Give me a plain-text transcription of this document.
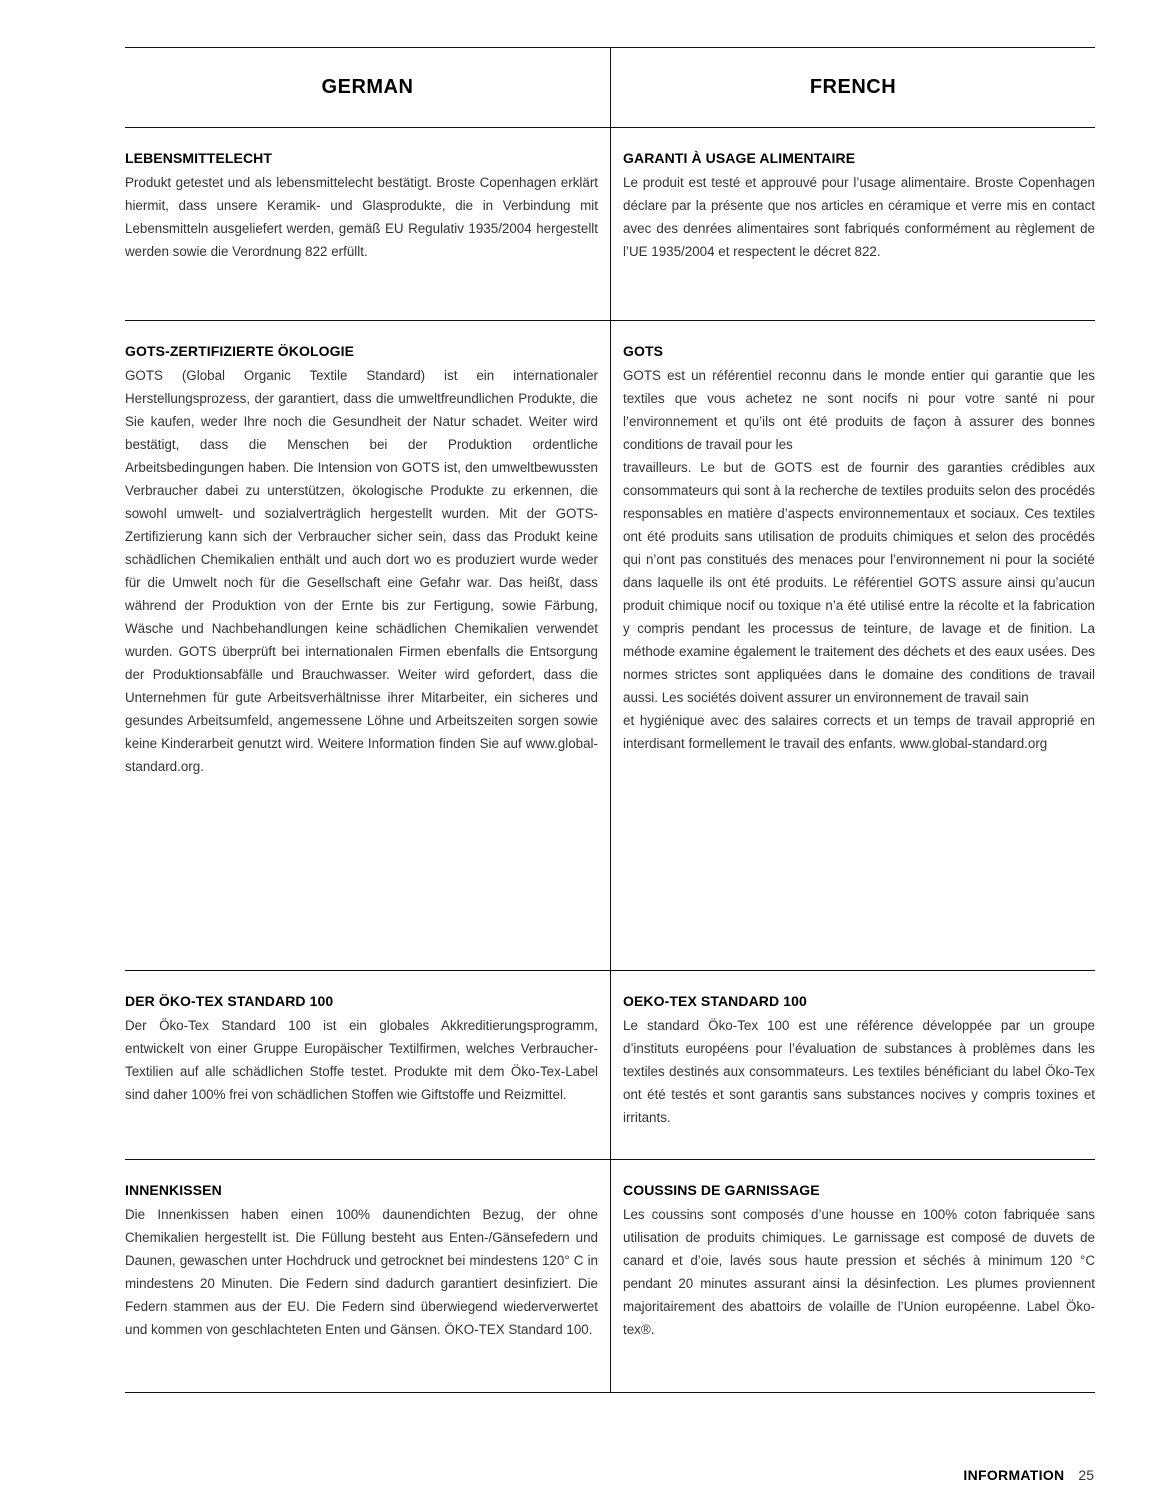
GERMAN	FRENCH
LEBENSMITTELECHT
Produkt getestet und als lebensmittelecht bestätigt. Broste Copenhagen erklärt hiermit, dass unsere Keramik- und Glasprodukte, die in Verbindung mit Lebensmitteln ausgeliefert werden, gemäß EU Regulativ 1935/2004 hergestellt werden sowie die Verordnung 822 erfüllt.
GARANTI À USAGE ALIMENTAIRE
Le produit est testé et approuvé pour l’usage alimentaire. Broste Copenhagen déclare par la présente que nos articles en céramique et verre mis en contact avec des denrées alimentaires sont fabriqués conformément au règlement de l’UE 1935/2004 et respectent le décret 822.
GOTS-ZERTIFIZIERTE ÖKOLOGIE
GOTS (Global Organic Textile Standard) ist ein internationaler Herstellungsprozess, der garantiert, dass die umweltfreundlichen Produkte, die Sie kaufen, weder Ihre noch die Gesundheit der Natur schadet. Weiter wird bestätigt, dass die Menschen bei der Produktion ordentliche Arbeitsbedingungen haben. Die Intension von GOTS ist, den umweltbewussten Verbraucher dabei zu unterstützen, ökologische Produkte zu erkennen, die sowohl umwelt- und sozialverträglich hergestellt wurden. Mit der GOTS-Zertifizierung kann sich der Verbraucher sicher sein, dass das Produkt keine schädlichen Chemikalien enthält und auch dort wo es produziert wurde weder für die Umwelt noch für die Gesellschaft eine Gefahr war. Das heißt, dass während der Produktion von der Ernte bis zur Fertigung, sowie Färbung, Wäsche und Nachbehandlungen keine schädlichen Chemikalien verwendet wurden. GOTS überprüft bei internationalen Firmen ebenfalls die Entsorgung der Produktionsabfälle und Brauchwasser. Weiter wird gefordert, dass die Unternehmen für gute Arbeitsverhältnisse ihrer Mitarbeiter, ein sicheres und gesundes Arbeitsumfeld, angemessene Löhne und Arbeitszeiten sorgen sowie keine Kinderarbeit genutzt wird. Weitere Information finden Sie auf www.global-standard.org.
GOTS
GOTS est un référentiel reconnu dans le monde entier qui garantie que les textiles que vous achetez ne sont nocifs ni pour votre santé ni pour l’environnement et qu’ils ont été produits de façon à assurer des bonnes conditions de travail pour les
travailleurs. Le but de GOTS est de fournir des garanties crédibles aux consommateurs qui sont à la recherche de textiles produits selon des procédés responsables en matière d’aspects environnementaux et sociaux. Ces textiles ont été produits sans utilisation de produits chimiques et selon des procédés qui n’ont pas constitués des menaces pour l’environnement ni pour la société dans laquelle ils ont été produits. Le référentiel GOTS assure ainsi qu’aucun produit chimique nocif ou toxique n’a été utilisé entre la récolte et la fabrication y compris pendant les processus de teinture, de lavage et de finition. La méthode examine également le traitement des déchets et des eaux usées. Des normes strictes sont appliquées dans le domaine des conditions de travail aussi. Les sociétés doivent assurer un environnement de travail sain
et hygiénique avec des salaires corrects et un temps de travail approprié en interdisant formellement le travail des enfants. www.global-standard.org
DER ÖKO-TEX STANDARD 100
Der Öko-Tex Standard 100 ist ein globales Akkreditierungsprogramm, entwickelt von einer Gruppe Europäischer Textilfirmen, welches Verbraucher-Textilien auf alle schädlichen Stoffe testet. Produkte mit dem Öko-Tex-Label sind daher 100% frei von schädlichen Stoffen wie Giftstoffe und Reizmittel.
OEKO-TEX STANDARD 100
Le standard Öko-Tex 100 est une référence développée par un groupe d’instituts européens pour l’évaluation de substances à problèmes dans les textiles destinés aux consommateurs. Les textiles bénéficiant du label Öko-Tex ont été testés et sont garantis sans substances nocives y compris toxines et irritants.
INNENKISSEN
Die Innenkissen haben einen 100% daunendichten Bezug, der ohne Chemikalien hergestellt ist. Die Füllung besteht aus Enten-/Gänsefedern und Daunen, gewaschen unter Hochdruck und getrocknet bei mindestens 120° C in mindestens 20 Minuten. Die Federn sind dadurch garantiert desinfiziert. Die Federn stammen aus der EU. Die Federn sind überwiegend wiederverwertet und kommen von geschlachteten Enten und Gänsen. ÖKO-TEX Standard 100.
COUSSINS DE GARNISSAGE
Les coussins sont composés d’une housse en 100% coton fabriquée sans utilisation de produits chimiques. Le garnissage est composé de duvets de canard et d’oie, lavés sous haute pression et séchés à minimum 120 °C pendant 20 minutes assurant ainsi la désinfection. Les plumes proviennent majoritairement des abattoirs de volaille de l’Union européenne. Label Öko-tex®.
INFORMATION 25
